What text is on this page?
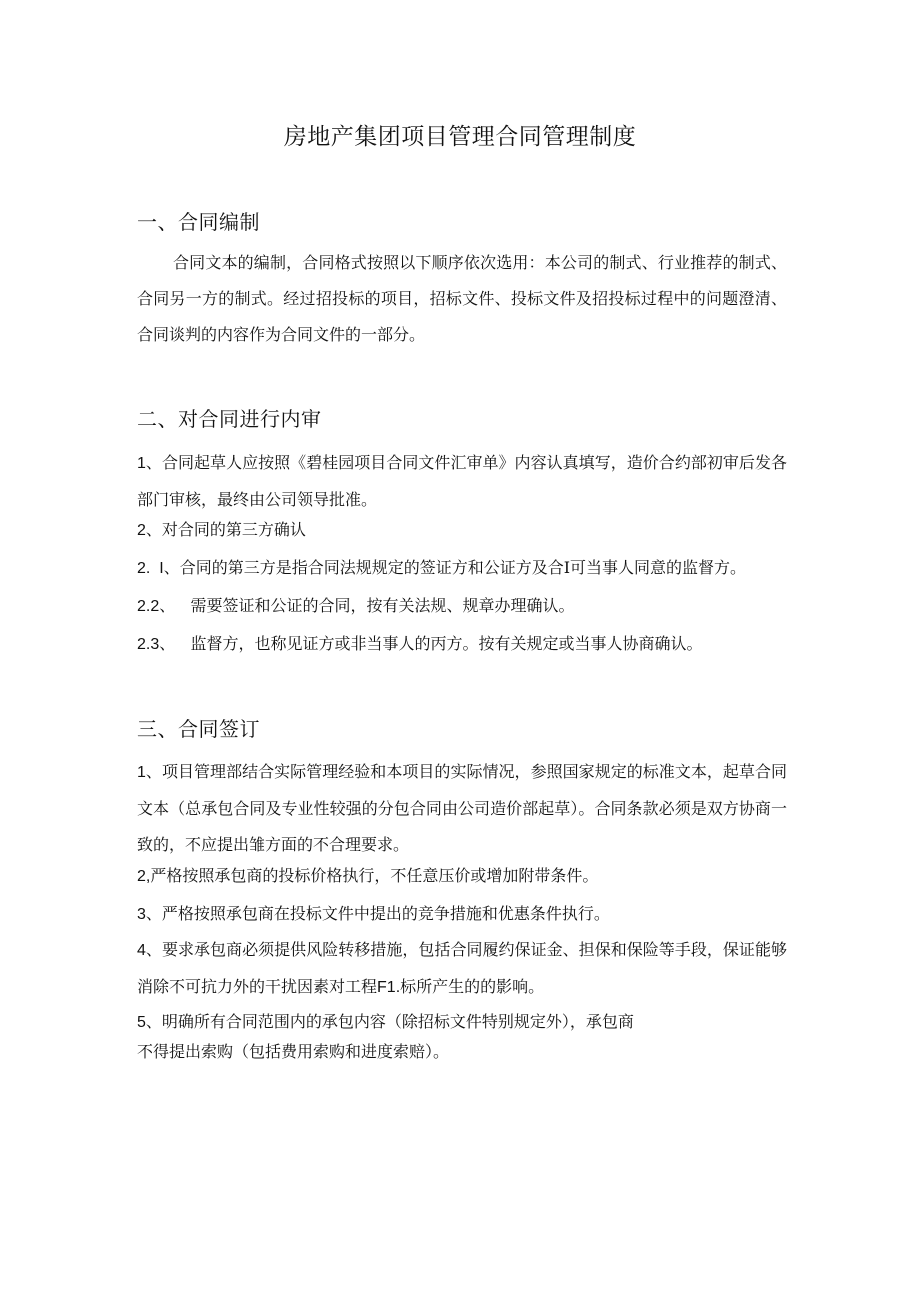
房地产集团项目管理合同管理制度
一、合同编制

合同文本的编制，合同格式按照以下顺序依次选用：本公司的制式、行业推荐的制式、合同另一方的制式。经过招投标的项目，招标文件、投标文件及招投标过程中的问题澄清、合同谈判的内容作为合同文件的一部分。

二、对合同进行内审

1、合同起草人应按照《碧桂园项目合同文件汇审单》内容认真填写，造价合约部初审后发各部门审核，最终由公司领导批准。

2、对合同的第三方确认

2.  I、合同的第三方是指合同法规规定的签证方和公证方及合I可当事人同意的监督方。

2.2、   需要签证和公证的合同，按有关法规、规章办理确认。

2.3、   监督方，也称见证方或非当事人的丙方。按有关规定或当事人协商确认。

三、合同签订

1、项目管理部结合实际管理经验和本项目的实际情况，参照国家规定的标准文本，起草合同文本（总承包合同及专业性较强的分包合同由公司造价部起草）。合同条款必须是双方协商一致的，不应提出雏方面的不合理要求。

2,严格按照承包商的投标价格执行，不任意压价或增加附带条件。

3、严格按照承包商在投标文件中提出的竞争措施和优惠条件执行。

4、要求承包商必须提供风险转移措施，包括合同履约保证金、担保和保险等手段，保证能够消除不可抗力外的干扰因素对工程F1.标所产生的的影响。

5、明确所有合同范围内的承包内容（除招标文件特别规定外），承包商

不得提出索购（包括费用索购和进度索赔）。
